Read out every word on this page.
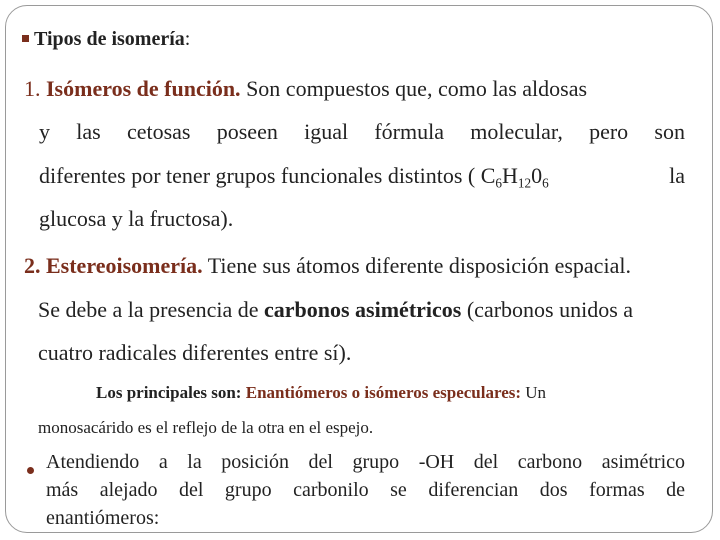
Tipos de isomería:
1. Isómeros de función. Son compuestos que, como las aldosas
y las cetosas poseen igual fórmula molecular, pero son
diferentes por tener grupos funcionales distintos ( $C_6H_{12}0_6$	la
glucosa y la fructosa).
2. Estereoisomería. Tiene sus átomos diferente disposición espacial.
Se debe a la presencia de carbonos asimétricos (carbonos unidos a
cuatro radicales diferentes entre sí).
Los principales son: Enantiómeros o isómeros especulares: Un
monosacárido es el reflejo de la otra en el espejo.
Atendiendo a la posición del grupo -OH del carbono asimétrico
más alejado del grupo carbonilo se diferencian dos formas de
enantiómeros:
